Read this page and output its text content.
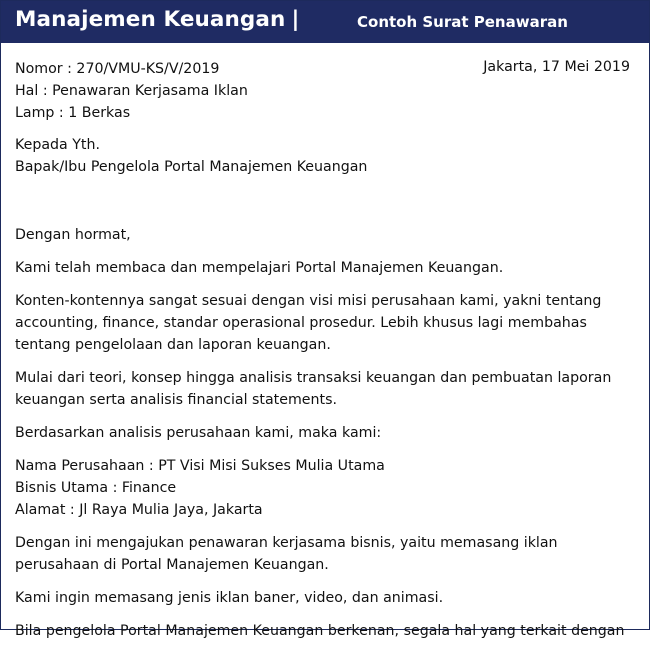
Manajemen Keuangan |	Contoh Surat Penawaran
Jakarta, 17 Mei 2019
Nomor : 270/VMU-KS/V/2019
Hal : Penawaran Kerjasama Iklan
Lamp : 1 Berkas
Kepada Yth.
Bapak/Ibu Pengelola Portal Manajemen Keuangan
Dengan hormat,
Kami telah membaca dan mempelajari Portal Manajemen Keuangan.
Konten-kontennya sangat sesuai dengan visi misi perusahaan kami, yakni tentang
accounting, finance, standar operasional prosedur. Lebih khusus lagi membahas
tentang pengelolaan dan laporan keuangan.
Mulai dari teori, konsep hingga analisis transaksi keuangan dan pembuatan laporan
keuangan serta analisis financial statements.
Berdasarkan analisis perusahaan kami, maka kami:
Nama Perusahaan : PT Visi Misi Sukses Mulia Utama
Bisnis Utama : Finance
Alamat : Jl Raya Mulia Jaya, Jakarta
Dengan ini mengajukan penawaran kerjasama bisnis, yaitu memasang iklan
perusahaan di Portal Manajemen Keuangan.
Kami ingin memasang jenis iklan baner, video, dan animasi.
Bila pengelola Portal Manajemen Keuangan berkenan, segala hal yang terkait dengan
